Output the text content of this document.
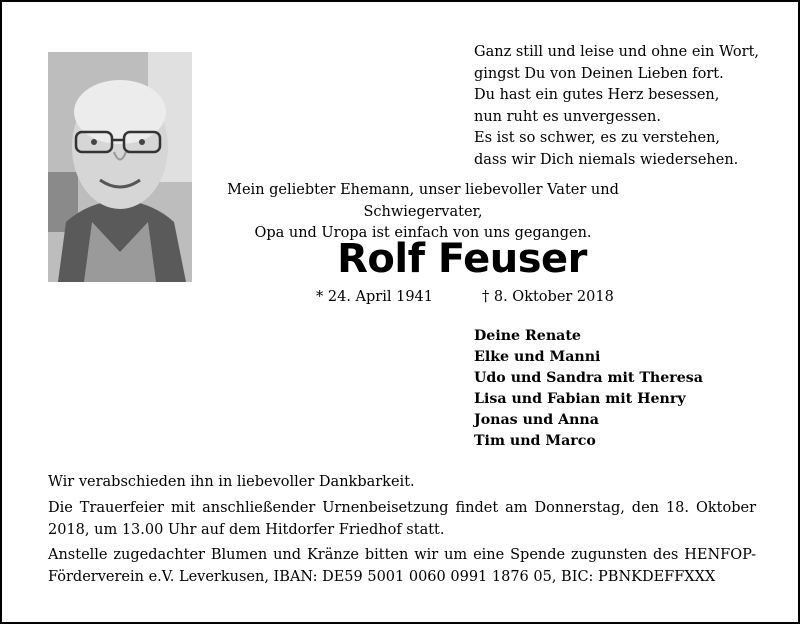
Ganz still und leise und ohne ein Wort,
gingst Du von Deinen Lieben fort.
Du hast ein gutes Herz besessen,
nun ruht es unvergessen.
Es ist so schwer, es zu verstehen,
dass wir Dich niemals wiedersehen.
Mein geliebter Ehemann, unser liebevoller Vater und Schwiegervater,
Opa und Uropa ist einfach von uns gegangen.
Rolf Feuser
* 24. April 1941	† 8. Oktober 2018
Deine Renate
Elke und Manni
Udo und Sandra mit Theresa
Lisa und Fabian mit Henry
Jonas und Anna
Tim und Marco

Wir verabschieden ihn in liebevoller Dankbarkeit.

Die Trauerfeier mit anschließender Urnenbeisetzung findet am Donnerstag, den 18. Oktober 2018, um 13.00 Uhr auf dem Hitdorfer Friedhof statt.

Anstelle zugedachter Blumen und Kränze bitten wir um eine Spende zugunsten des HENFOP-Förderverein e.V. Leverkusen, IBAN: DE59 5001 0060 0991 1876 05, BIC: PBNKDEFFXXX
